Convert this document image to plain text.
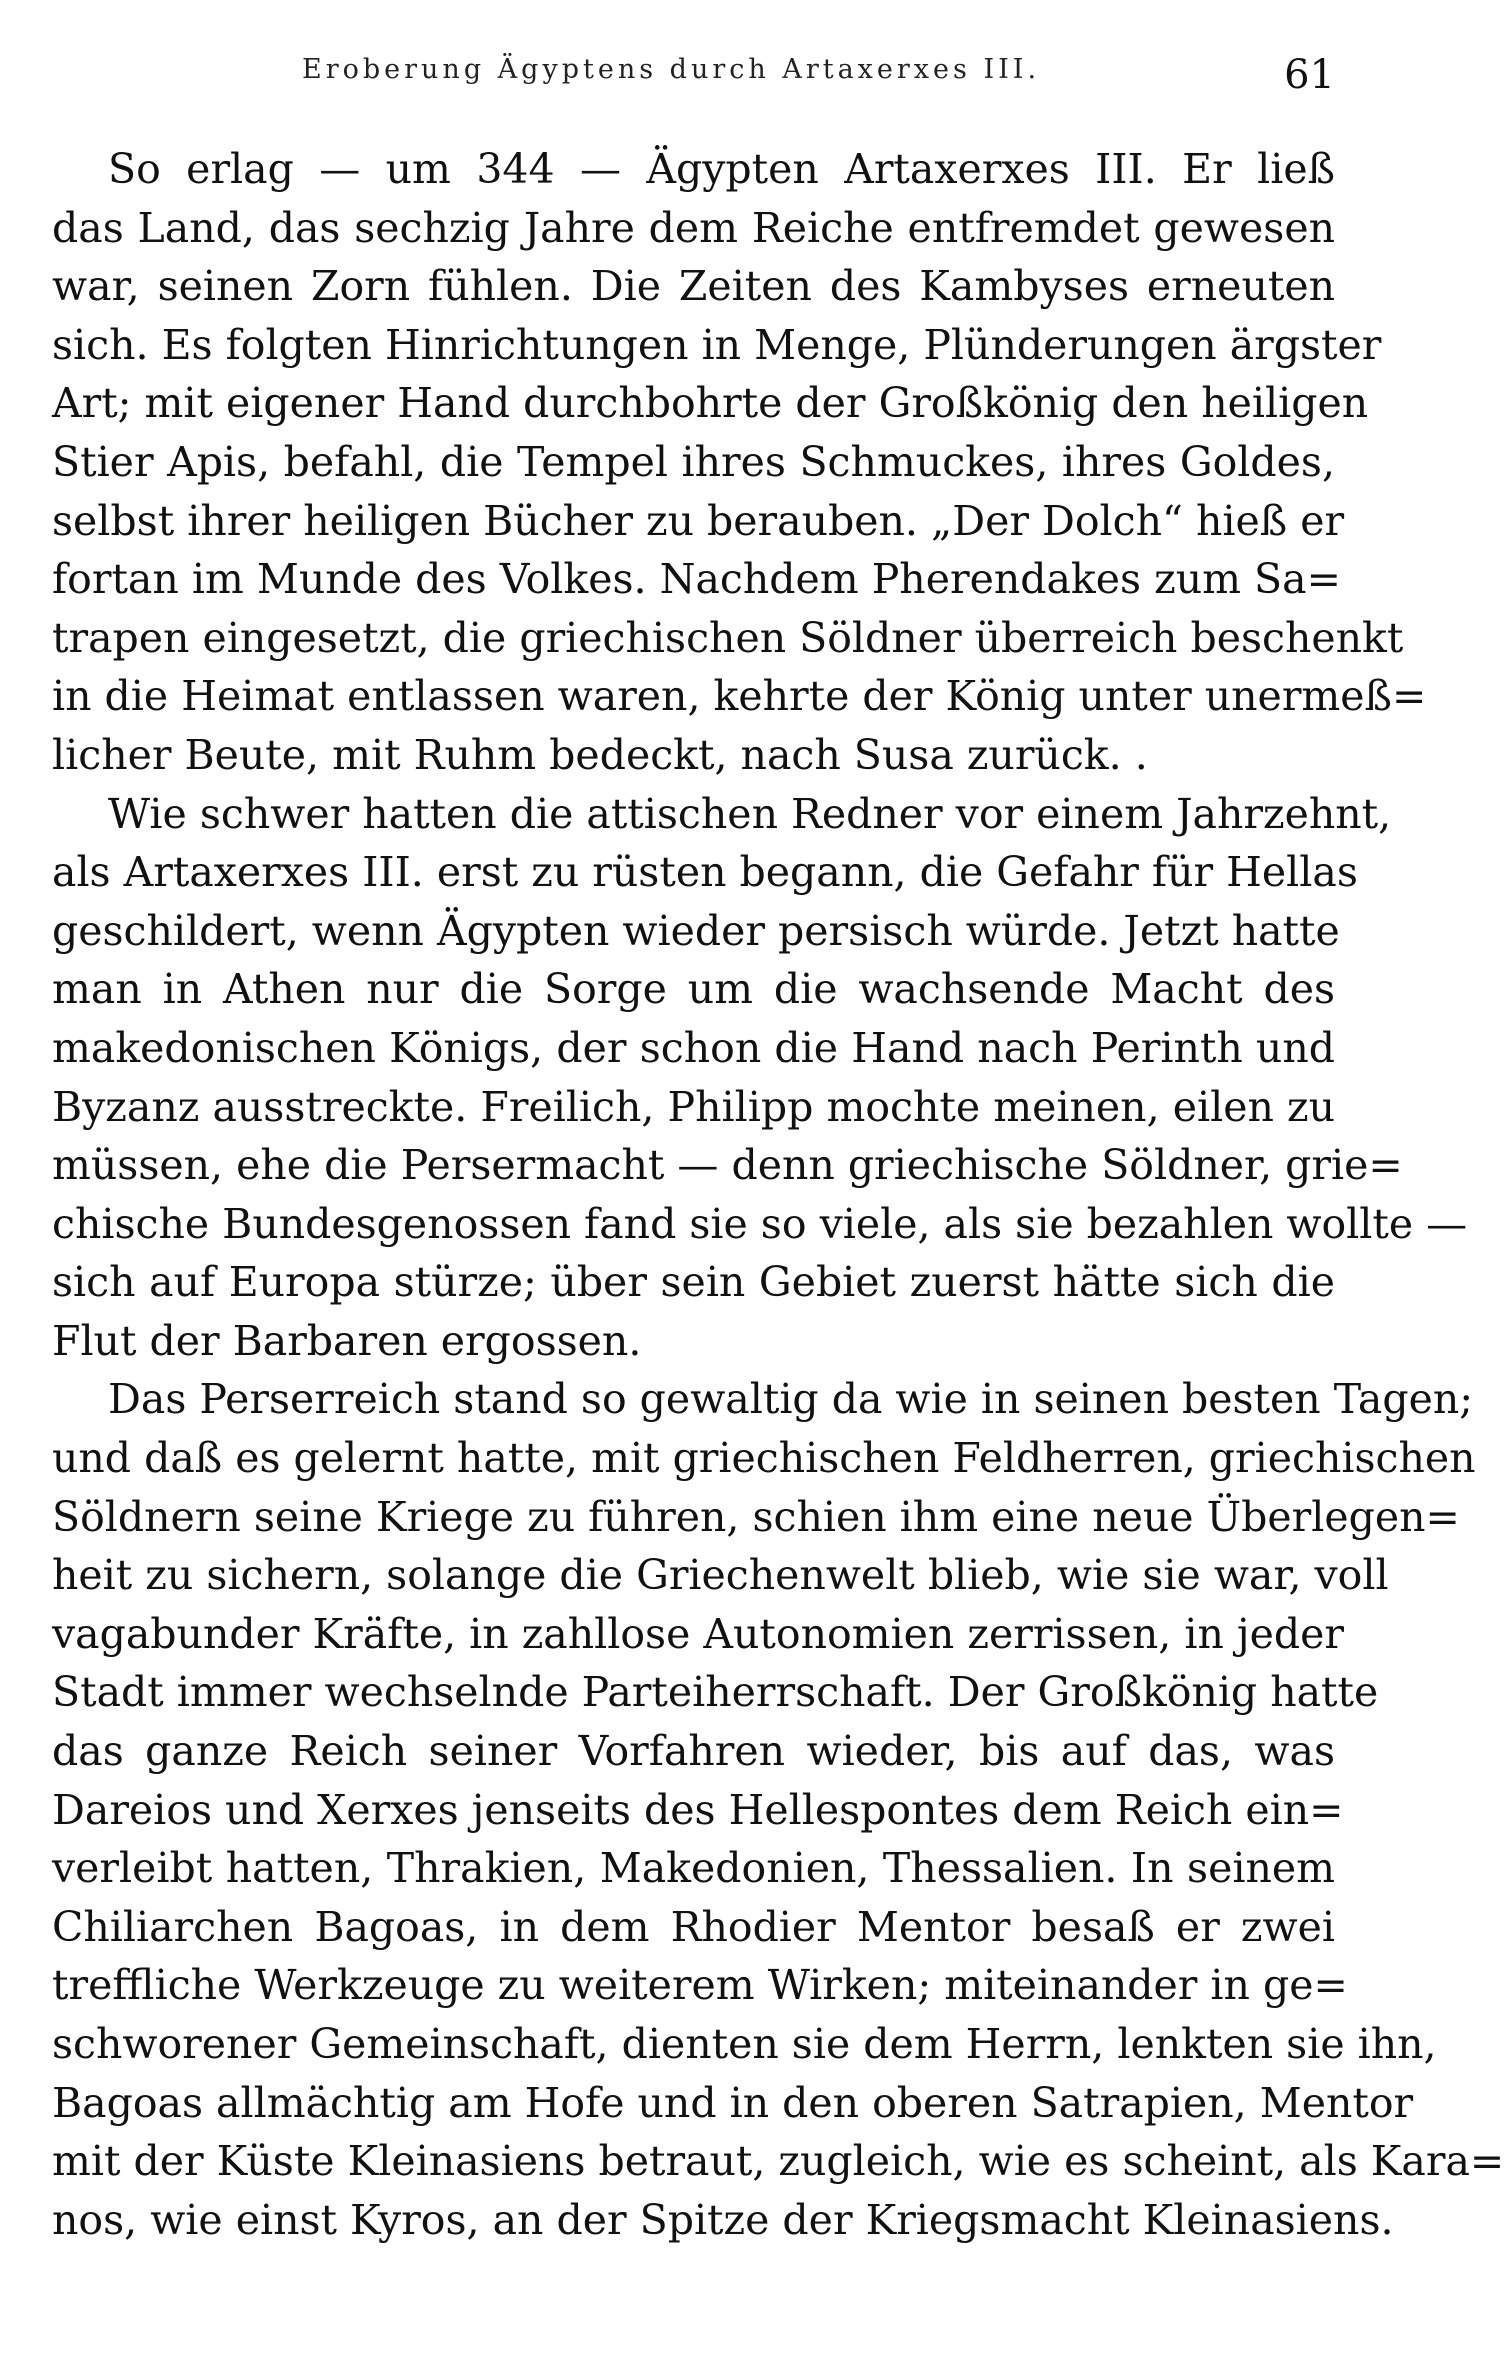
Eroberung Ägyptens durch Artaxerxes III.	61
So erlag — um 344 — Ägypten Artaxerxes III. Er ließ
das Land, das sechzig Jahre dem Reiche entfremdet gewesen
war, seinen Zorn fühlen. Die Zeiten des Kambyses erneuten
sich. Es folgten Hinrichtungen in Menge, Plünderungen ärgster
Art; mit eigener Hand durchbohrte der Großkönig den heiligen
Stier Apis, befahl, die Tempel ihres Schmuckes, ihres Goldes,
selbst ihrer heiligen Bücher zu berauben. „Der Dolch“ hieß er
fortan im Munde des Volkes. Nachdem Pherendakes zum Sa=
trapen eingesetzt, die griechischen Söldner überreich beschenkt
in die Heimat entlassen waren, kehrte der König unter unermeß=
licher Beute, mit Ruhm bedeckt, nach Susa zurück. .
Wie schwer hatten die attischen Redner vor einem Jahrzehnt,
als Artaxerxes III. erst zu rüsten begann, die Gefahr für Hellas
geschildert, wenn Ägypten wieder persisch würde. Jetzt hatte
man in Athen nur die Sorge um die wachsende Macht des
makedonischen Königs, der schon die Hand nach Perinth und
Byzanz ausstreckte. Freilich, Philipp mochte meinen, eilen zu
müssen, ehe die Persermacht — denn griechische Söldner, grie=
chische Bundesgenossen fand sie so viele, als sie bezahlen wollte —
sich auf Europa stürze; über sein Gebiet zuerst hätte sich die
Flut der Barbaren ergossen.
Das Perserreich stand so gewaltig da wie in seinen besten Tagen;
und daß es gelernt hatte, mit griechischen Feldherren, griechischen
Söldnern seine Kriege zu führen, schien ihm eine neue Überlegen=
heit zu sichern, solange die Griechenwelt blieb, wie sie war, voll
vagabunder Kräfte, in zahllose Autonomien zerrissen, in jeder
Stadt immer wechselnde Parteiherrschaft. Der Großkönig hatte
das ganze Reich seiner Vorfahren wieder, bis auf das, was
Dareios und Xerxes jenseits des Hellespontes dem Reich ein=
verleibt hatten, Thrakien, Makedonien, Thessalien. In seinem
Chiliarchen Bagoas, in dem Rhodier Mentor besaß er zwei
treffliche Werkzeuge zu weiterem Wirken; miteinander in ge=
schworener Gemeinschaft, dienten sie dem Herrn, lenkten sie ihn,
Bagoas allmächtig am Hofe und in den oberen Satrapien, Mentor
mit der Küste Kleinasiens betraut, zugleich, wie es scheint, als Kara=
nos, wie einst Kyros, an der Spitze der Kriegsmacht Kleinasiens.
